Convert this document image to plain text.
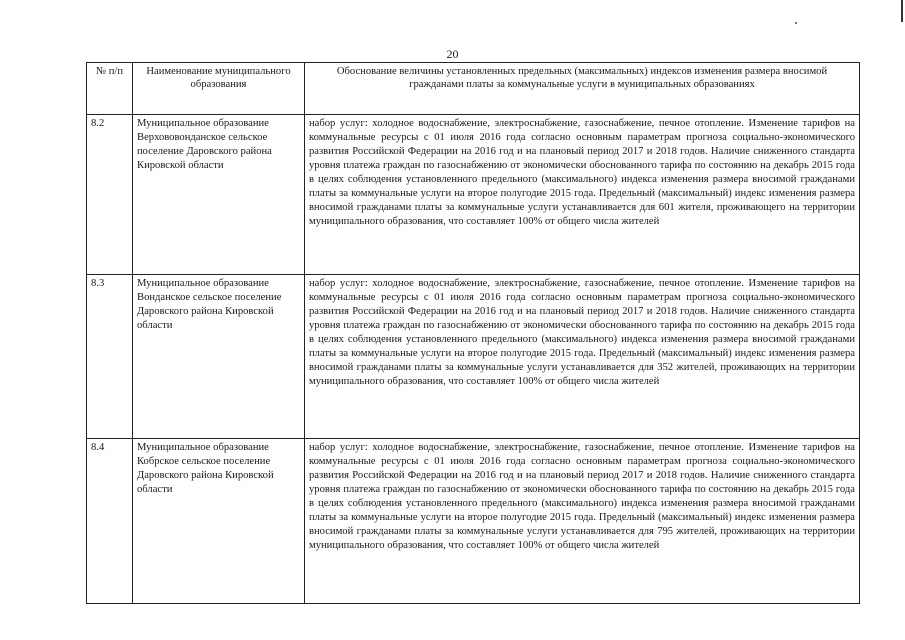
20
№ п/п	Наименование муниципального образования	Обоснование величины установленных предельных (максимальных) индексов изменения размера вносимой гражданами платы за коммунальные услуги в муниципальных образованиях
8.2	Муниципальное образование Верхововонданское сельское поселение Даровского района Кировской области	набор услуг: холодное водоснабжение, электроснабжение, газоснабжение, печное отопление. Изменение тарифов на коммунальные ресурсы с 01 июля 2016 года согласно основным параметрам прогноза социально-экономического развития Российской Федерации на 2016 год и на плановый период 2017 и 2018 годов. Наличие сниженного стандарта уровня платежа граждан по газоснабжению от экономически обоснованного тарифа по состоянию на декабрь 2015 года в целях соблюдения установленного предельного (максимального) индекса изменения размера вносимой гражданами платы за коммунальные услуги на второе полугодие 2015 года. Предельный (максимальный) индекс изменения размера вносимой гражданами платы за коммунальные услуги устанавливается для 601 жителя, проживающего на территории муниципального образования, что составляет 100% от общего числа жителей
8.3	Муниципальное образование Вонданское сельское поселение Даровского района Кировской области	набор услуг: холодное водоснабжение, электроснабжение, газоснабжение, печное отопление. Изменение тарифов на коммунальные ресурсы с 01 июля 2016 года согласно основным параметрам прогноза социально-экономического развития Российской Федерации на 2016 год и на плановый период 2017 и 2018 годов. Наличие сниженного стандарта уровня платежа граждан по газоснабжению от экономически обоснованного тарифа по состоянию на декабрь 2015 года в целях соблюдения установленного предельного (максимального) индекса изменения размера вносимой гражданами платы за коммунальные услуги на второе полугодие 2015 года. Предельный (максимальный) индекс изменения размера вносимой гражданами платы за коммунальные услуги устанавливается для 352 жителей, проживающих на территории муниципального образования, что составляет 100% от общего числа жителей
8.4	Муниципальное образование Кобрское сельское поселение Даровского района Кировской области	набор услуг: холодное водоснабжение, электроснабжение, газоснабжение, печное отопление. Изменение тарифов на коммунальные ресурсы с 01 июля 2016 года согласно основным параметрам прогноза социально-экономического развития Российской Федерации на 2016 год и на плановый период 2017 и 2018 годов. Наличие сниженного стандарта уровня платежа граждан по газоснабжению от экономически обоснованного тарифа по состоянию на декабрь 2015 года в целях соблюдения установленного предельного (максимального) индекса изменения размера вносимой гражданами платы за коммунальные услуги на второе полугодие 2015 года. Предельный (максимальный) индекс изменения размера вносимой гражданами платы за коммунальные услуги устанавливается для 795 жителей, проживающих на территории муниципального образования, что составляет 100% от общего числа жителей
